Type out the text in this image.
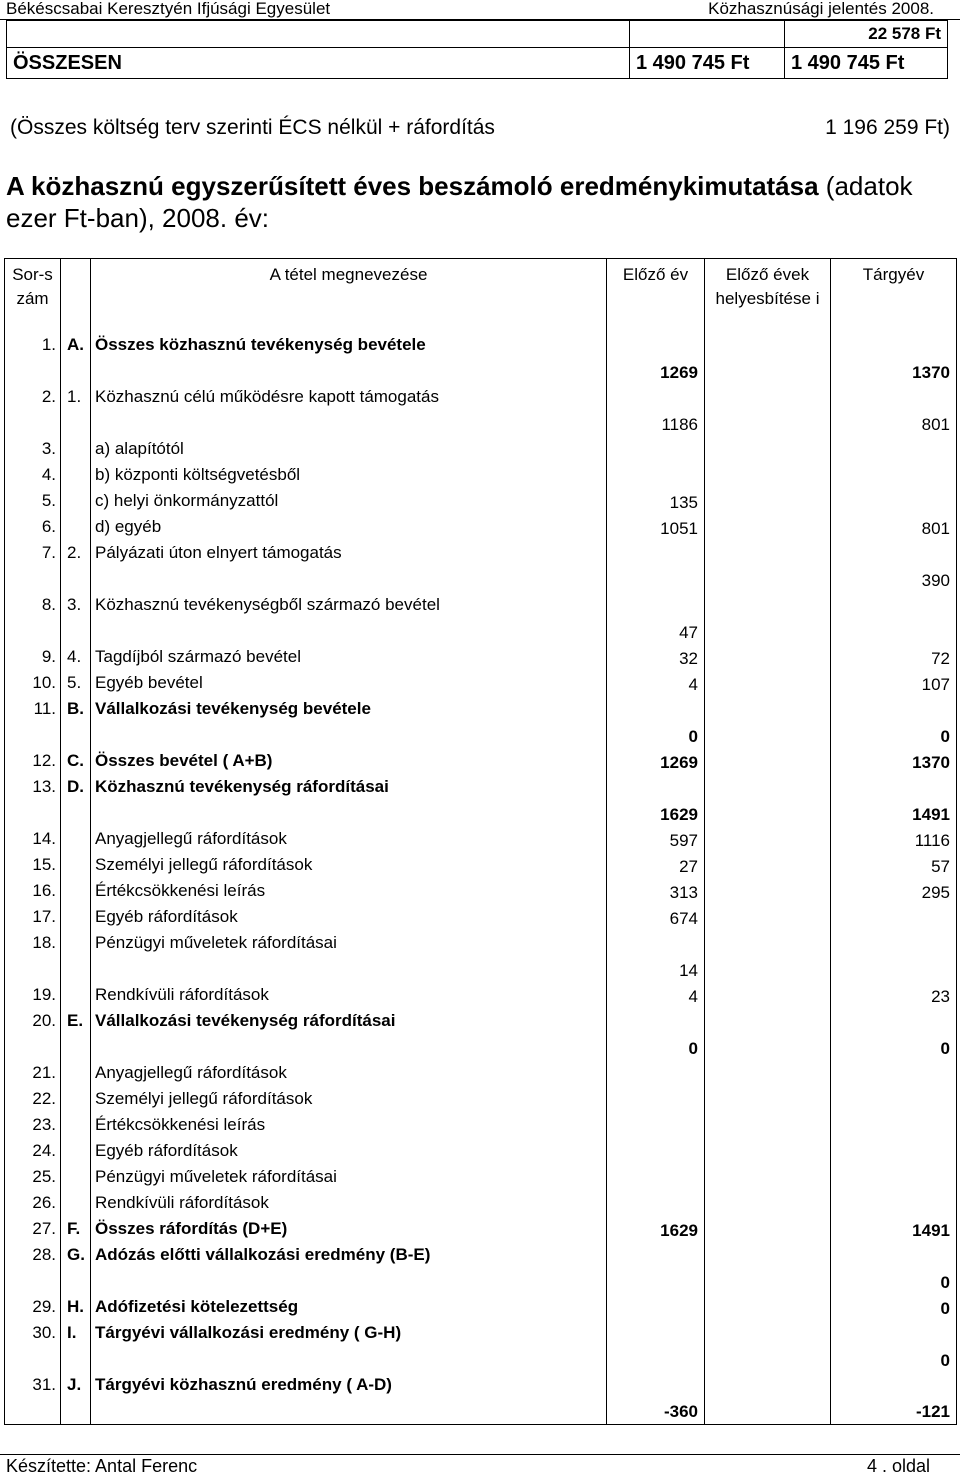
Békéscsabai Keresztyén Ifjúsági Egyesület	Közhasznúsági jelentés 2008.
		22 578 Ft
ÖSSZESEN	1 490 745 Ft	1 490 745 Ft
(Összes költség terv szerinti ÉCS nélkül + ráfordítás	1 196 259 Ft)
A közhasznú egyszerűsített éves beszámoló eredménykimutatása (adatok ezer Ft-ban), 2008. év:
Sor-szám		A tétel megnevezése	Előző év	Előző évek helyesbítése i	Tárgyév
1.	A.	Összes közhasznú tevékenység bevétele	1269		1370
2.	1.	Közhasznú célú működésre kapott támogatás	1186		801
3.		a) alapítótól			
4.		b) központi költségvetésből			
5.		c) helyi önkormányzattól	135		
6.		d) egyéb	1051		801
7.	2.	Pályázati úton elnyert támogatás			390
8.	3.	Közhasznú tevékenységből származó bevétel	47		
9.	4.	Tagdíjból származó bevétel	32		72
10.	5.	Egyéb bevétel	4		107
11.	B.	Vállalkozási tevékenység bevétele	0		0
12.	C.	Összes bevétel ( A+B)	1269		1370
13.	D.	Közhasznú tevékenység ráfordításai	1629		1491
14.		Anyagjellegű ráfordítások	597		1116
15.		Személyi jellegű ráfordítások	27		57
16.		Értékcsökkenési leírás	313		295
17.		Egyéb ráfordítások	674		
18.		Pénzügyi műveletek ráfordításai	14		
19.		Rendkívüli ráfordítások	4		23
20.	E.	Vállalkozási tevékenység ráfordításai	0		0
21.		Anyagjellegű ráfordítások			
22.		Személyi jellegű ráfordítások			
23.		Értékcsökkenési leírás			
24.		Egyéb ráfordítások			
25.		Pénzügyi műveletek ráfordításai			
26.		Rendkívüli ráfordítások			
27.	F.	Összes ráfordítás (D+E)	1629		1491
28.	G.	Adózás előtti vállalkozási eredmény (B-E)			0
29.	H.	Adófizetési kötelezettség			0
30.	I.	Tárgyévi vállalkozási eredmény ( G-H)			0
31.	J.	Tárgyévi közhasznú eredmény ( A-D)	-360		-121
Készítette: Antal Ferenc	4 . oldal
